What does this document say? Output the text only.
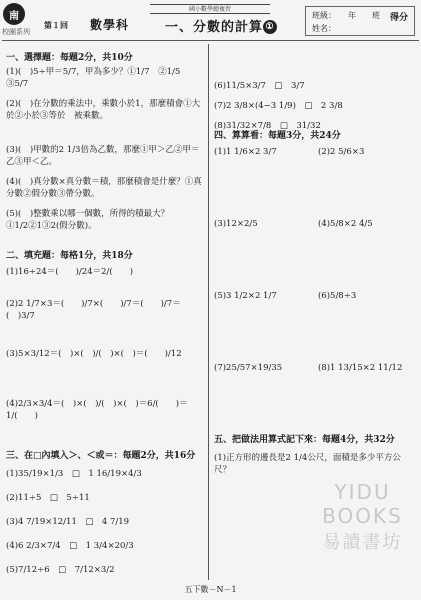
南
校園系列
第１回 數學科
國小數學總複習
一、分數的計算 ①
班級：　　年　　班
姓名：
得分
一、選擇題：每題2分，共10分
(1)(　)5÷甲＝5/7，甲為多少？①1/7　②1/5　③5/7
(2)(　)在分數的乘法中，乘數小於1，那麼積會①大於②小於③等於　被乘數。
(3)(　)甲數的2 1/3倍為乙數，那麼①甲＞乙②甲＝乙③甲＜乙。
(4)(　)真分數×真分數＝積，那麼積會是什麼？①真分數②假分數③帶分數。
(5)(　)整數乘以哪一個數，所得的積最大？①1/2②1③2(假分數)。
二、填充題：每格1分，共18分
(1)16÷24＝(　　)/24＝2/(　　)
(2)2 1/7×3＝(　　)/7×(　　)/7＝(　　)/7＝(　)3/7
(3)5×3/12＝(　)×(　)/(　)×(　)＝(　　)/12
(4)2/3×3/4＝(　)×(　)/(　)×(　)＝6/(　　)＝1/(　　)
三、在□內填入＞、＜或＝：每題2分，共16分
(1)35/19×1/3　□　1 16/19×4/3
(2)11÷5　□　5÷11
(3)4 7/19×12/11　□　4 7/19
(4)6 2/3×7/4　□　1 3/4×20/3
(5)7/12÷6　□　7/12×3/2
(6)11/5×3/7　□　3/7
(7)2 3/8×(4−3 1/9)　□　2 3/8
(8)31/32×7/8　□　31/32
四、算算看：每題3分，共24分
(1)1 1/6×2 3/7	(2)2 5/6×3
(3)12×2/5	(4)5/8×2 4/5
(5)3 1/2×2 1/7	(6)5/8÷3
(7)25/57×19/35	(8)1 13/15×2 11/12
五、把做法用算式記下來：每題4分，共32分
(1)正方形的邊長是2 1/4公尺，面積是多少平方公尺？
YIDU
BOOKS
易讀書坊
五下數－N－1
